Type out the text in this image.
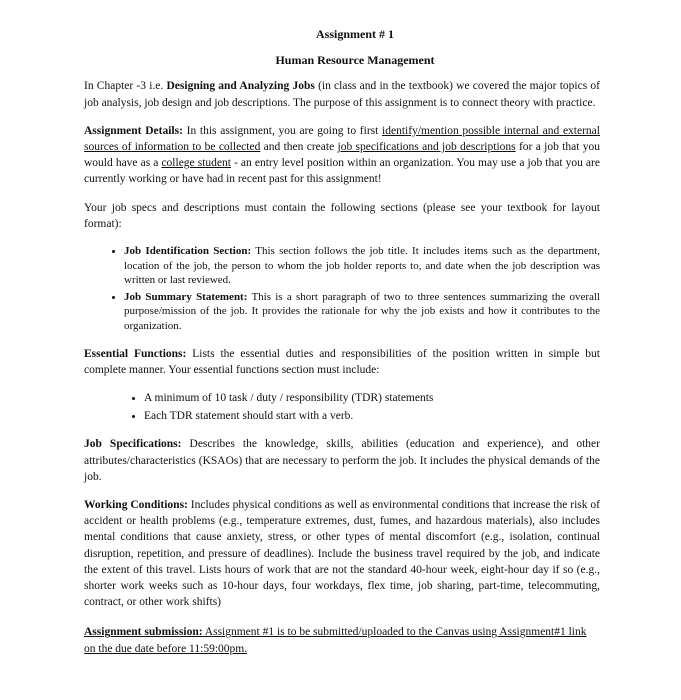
Assignment # 1
Human Resource Management

In Chapter -3 i.e. Designing and Analyzing Jobs (in class and in the textbook) we covered the major topics of job analysis, job design and job descriptions. The purpose of this assignment is to connect theory with practice.

Assignment Details: In this assignment, you are going to first identify/mention possible internal and external sources of information to be collected and then create job specifications and job descriptions for a job that you would have as a college student - an entry level position within an organization. You may use a job that you are currently working or have had in recent past for this assignment!

Your job specs and descriptions must contain the following sections (please see your textbook for layout format):

• Job Identification Section: This section follows the job title. It includes items such as the department, location of the job, the person to whom the job holder reports to, and date when the job description was written or last reviewed.
• Job Summary Statement: This is a short paragraph of two to three sentences summarizing the overall purpose/mission of the job. It provides the rationale for why the job exists and how it contributes to the organization.

Essential Functions: Lists the essential duties and responsibilities of the position written in simple but complete manner. Your essential functions section must include:

• A minimum of 10 task / duty / responsibility (TDR) statements
• Each TDR statement should start with a verb.

Job Specifications: Describes the knowledge, skills, abilities (education and experience), and other attributes/characteristics (KSAOs) that are necessary to perform the job. It includes the physical demands of the job.

Working Conditions: Includes physical conditions as well as environmental conditions that increase the risk of accident or health problems (e.g., temperature extremes, dust, fumes, and hazardous materials), also includes mental conditions that cause anxiety, stress, or other types of mental discomfort (e.g., isolation, continual disruption, repetition, and pressure of deadlines). Include the business travel required by the job, and indicate the extent of this travel. Lists hours of work that are not the standard 40-hour week, eight-hour day if so (e.g., shorter work weeks such as 10-hour days, four workdays, flex time, job sharing, part-time, telecommuting, contract, or other work shifts)

Assignment submission: Assignment #1 is to be submitted/uploaded to the Canvas using Assignment#1 link on the due date before 11:59:00pm.
